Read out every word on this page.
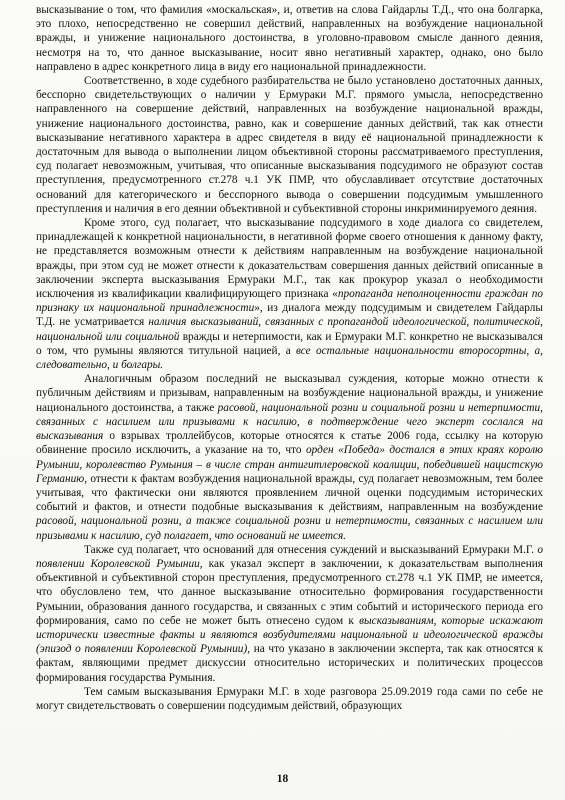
высказывание о том, что фамилия «москальская», и, ответив на слова Гайдарлы Т.Д., что она болгарка, это плохо, непосредственно не совершил действий, направленных на возбуждение национальной вражды, и унижение национального достоинства, в уголовно-правовом смысле данного деяния, несмотря на то, что данное высказывание, носит явно негативный характер, однако, оно было направлено в адрес конкретного лица в виду его национальной принадлежности.

Соответственно, в ходе судебного разбирательства не было установлено достаточных данных, бесспорно свидетельствующих о наличии у Ермураки М.Г. прямого умысла, непосредственно направленного на совершение действий, направленных на возбуждение национальной вражды, унижение национального достоинства, равно, как и совершение данных действий, так как отнести высказывание негативного характера в адрес свидетеля в виду её национальной принадлежности к достаточным для вывода о выполнении лицом объективной стороны рассматриваемого преступления, суд полагает невозможным, учитывая, что описанные высказывания подсудимого не образуют состав преступления, предусмотренного ст.278 ч.1 УК ПМР, что обуславливает отсутствие достаточных оснований для категорического и бесспорного вывода о совершении подсудимым умышленного преступления и наличия в его деянии объективной и субъективной стороны инкриминируемого деяния.

Кроме этого, суд полагает, что высказывание подсудимого в ходе диалога со свидетелем, принадлежащей к конкретной национальности, в негативной форме своего отношения к данному факту, не представляется возможным отнести к действиям направленным на возбуждение национальной вражды, при этом суд не может отнести к доказательствам совершения данных действий описанные в заключении эксперта высказывания Ермураки М.Г., так как прокурор указал о необходимости исключения из квалификации квалифицирующего признака «пропаганда неполноценности граждан по признаку их национальной принадлежности», из диалога между подсудимым и свидетелем Гайдарлы Т.Д. не усматривается наличия высказываний, связанных с пропагандой идеологической, политической, национальной или социальной вражды и нетерпимости, как и Ермураки М.Г. конкретно не высказывался о том, что румыны являются титульной нацией, а все остальные национальности второсортны, а, следовательно, и болгары.

Аналогичным образом последний не высказывал суждения, которые можно отнести к публичным действиям и призывам, направленным на возбуждение национальной вражды, и унижение национального достоинства, а также расовой, национальной розни и социальной розни и нетерпимости, связанных с насилием или призывами к насилию, в подтверждение чего эксперт сослался на высказывания о взрывах троллейбусов, которые относятся к статье 2006 года, ссылку на которую обвинение просило исключить, а указание на то, что орден «Победа» достался в этих краях королю Румынии, королевство Румыния – в числе стран антигитлеровской коалиции, победившей нацистскую Германию, отнести к фактам возбуждения национальной вражды, суд полагает невозможным, тем более учитывая, что фактически они являются проявлением личной оценки подсудимым исторических событий и фактов, и отнести подобные высказывания к действиям, направленным на возбуждение расовой, национальной розни, а также социальной розни и нетерпимости, связанных с насилием или призывами к насилию, суд полагает, что оснований не имеется.

Также суд полагает, что оснований для отнесения суждений и высказываний Ермураки М.Г. о появлении Королевской Румынии, как указал эксперт в заключении, к доказательствам выполнения объективной и субъективной сторон преступления, предусмотренного ст.278 ч.1 УК ПМР, не имеется, что обусловлено тем, что данное высказывание относительно формирования государственности Румынии, образования данного государства, и связанных с этим событий и исторического периода его формирования, само по себе не может быть отнесено судом к высказываниям, которые искажают исторически известные факты и являются возбудителями национальной и идеологической вражды (эпизод о появлении Королевской Румынии), на что указано в заключении эксперта, так как относятся к фактам, являющими предмет дискуссии относительно исторических и политических процессов формирования государства Румыния.

Тем самым высказывания Ермураки М.Г. в ходе разговора 25.09.2019 года сами по себе не могут свидетельствовать о совершении подсудимым действий, образующих

18
